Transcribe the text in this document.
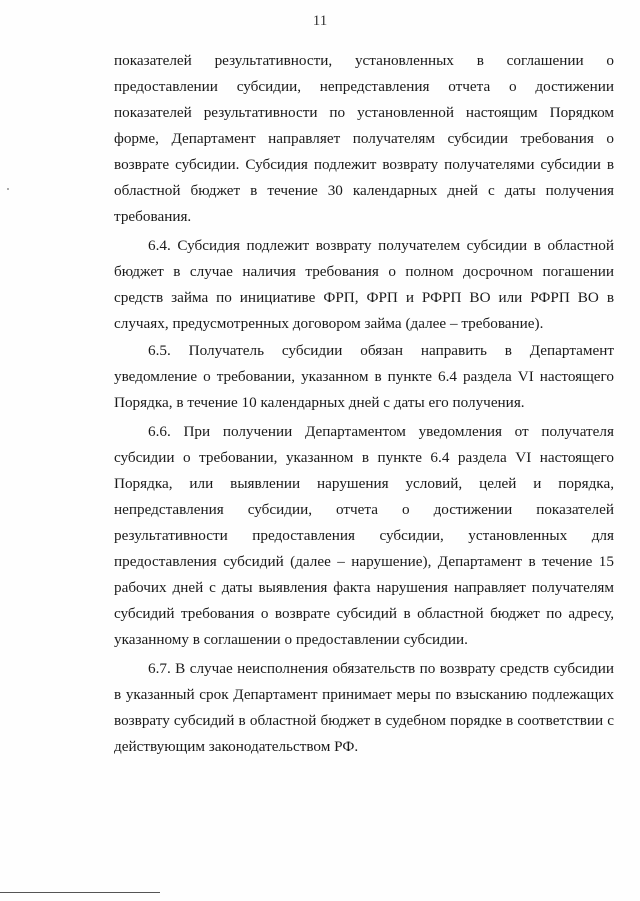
11
показателей результативности, установленных в соглашении о
предоставлении субсидии, непредставления отчета о достижении
показателей результативности по установленной настоящим Порядком
форме, Департамент направляет получателям субсидии требования о
возврате субсидии. Субсидия подлежит возврату получателями субсидии в
областной бюджет в течение 30 календарных дней с даты получения
требования.
6.4. Субсидия подлежит возврату получателем субсидии в областной
бюджет в случае наличия требования о полном досрочном погашении
средств займа по инициативе ФРП, ФРП и РФРП ВО или РФРП ВО в
случаях, предусмотренных договором займа (далее – требование).
6.5. Получатель субсидии обязан направить в Департамент
уведомление о требовании, указанном в пункте 6.4 раздела VI настоящего
Порядка, в течение 10 календарных дней с даты его получения.
6.6. При получении Департаментом уведомления от получателя
субсидии о требовании, указанном в пункте 6.4 раздела VI настоящего
Порядка, или выявлении нарушения условий, целей и порядка,
непредставления субсидии, отчета о достижении показателей
результативности предоставления субсидии, установленных для
предоставления субсидий (далее – нарушение), Департамент в течение 15
рабочих дней с даты выявления факта нарушения направляет получателям
субсидий требования о возврате субсидий в областной бюджет по адресу,
указанному в соглашении о предоставлении субсидии.
6.7. В случае неисполнения обязательств по возврату средств субсидии
в указанный срок Департамент принимает меры по взысканию подлежащих
возврату субсидий в областной бюджет в судебном порядке в соответствии с
действующим законодательством РФ.
